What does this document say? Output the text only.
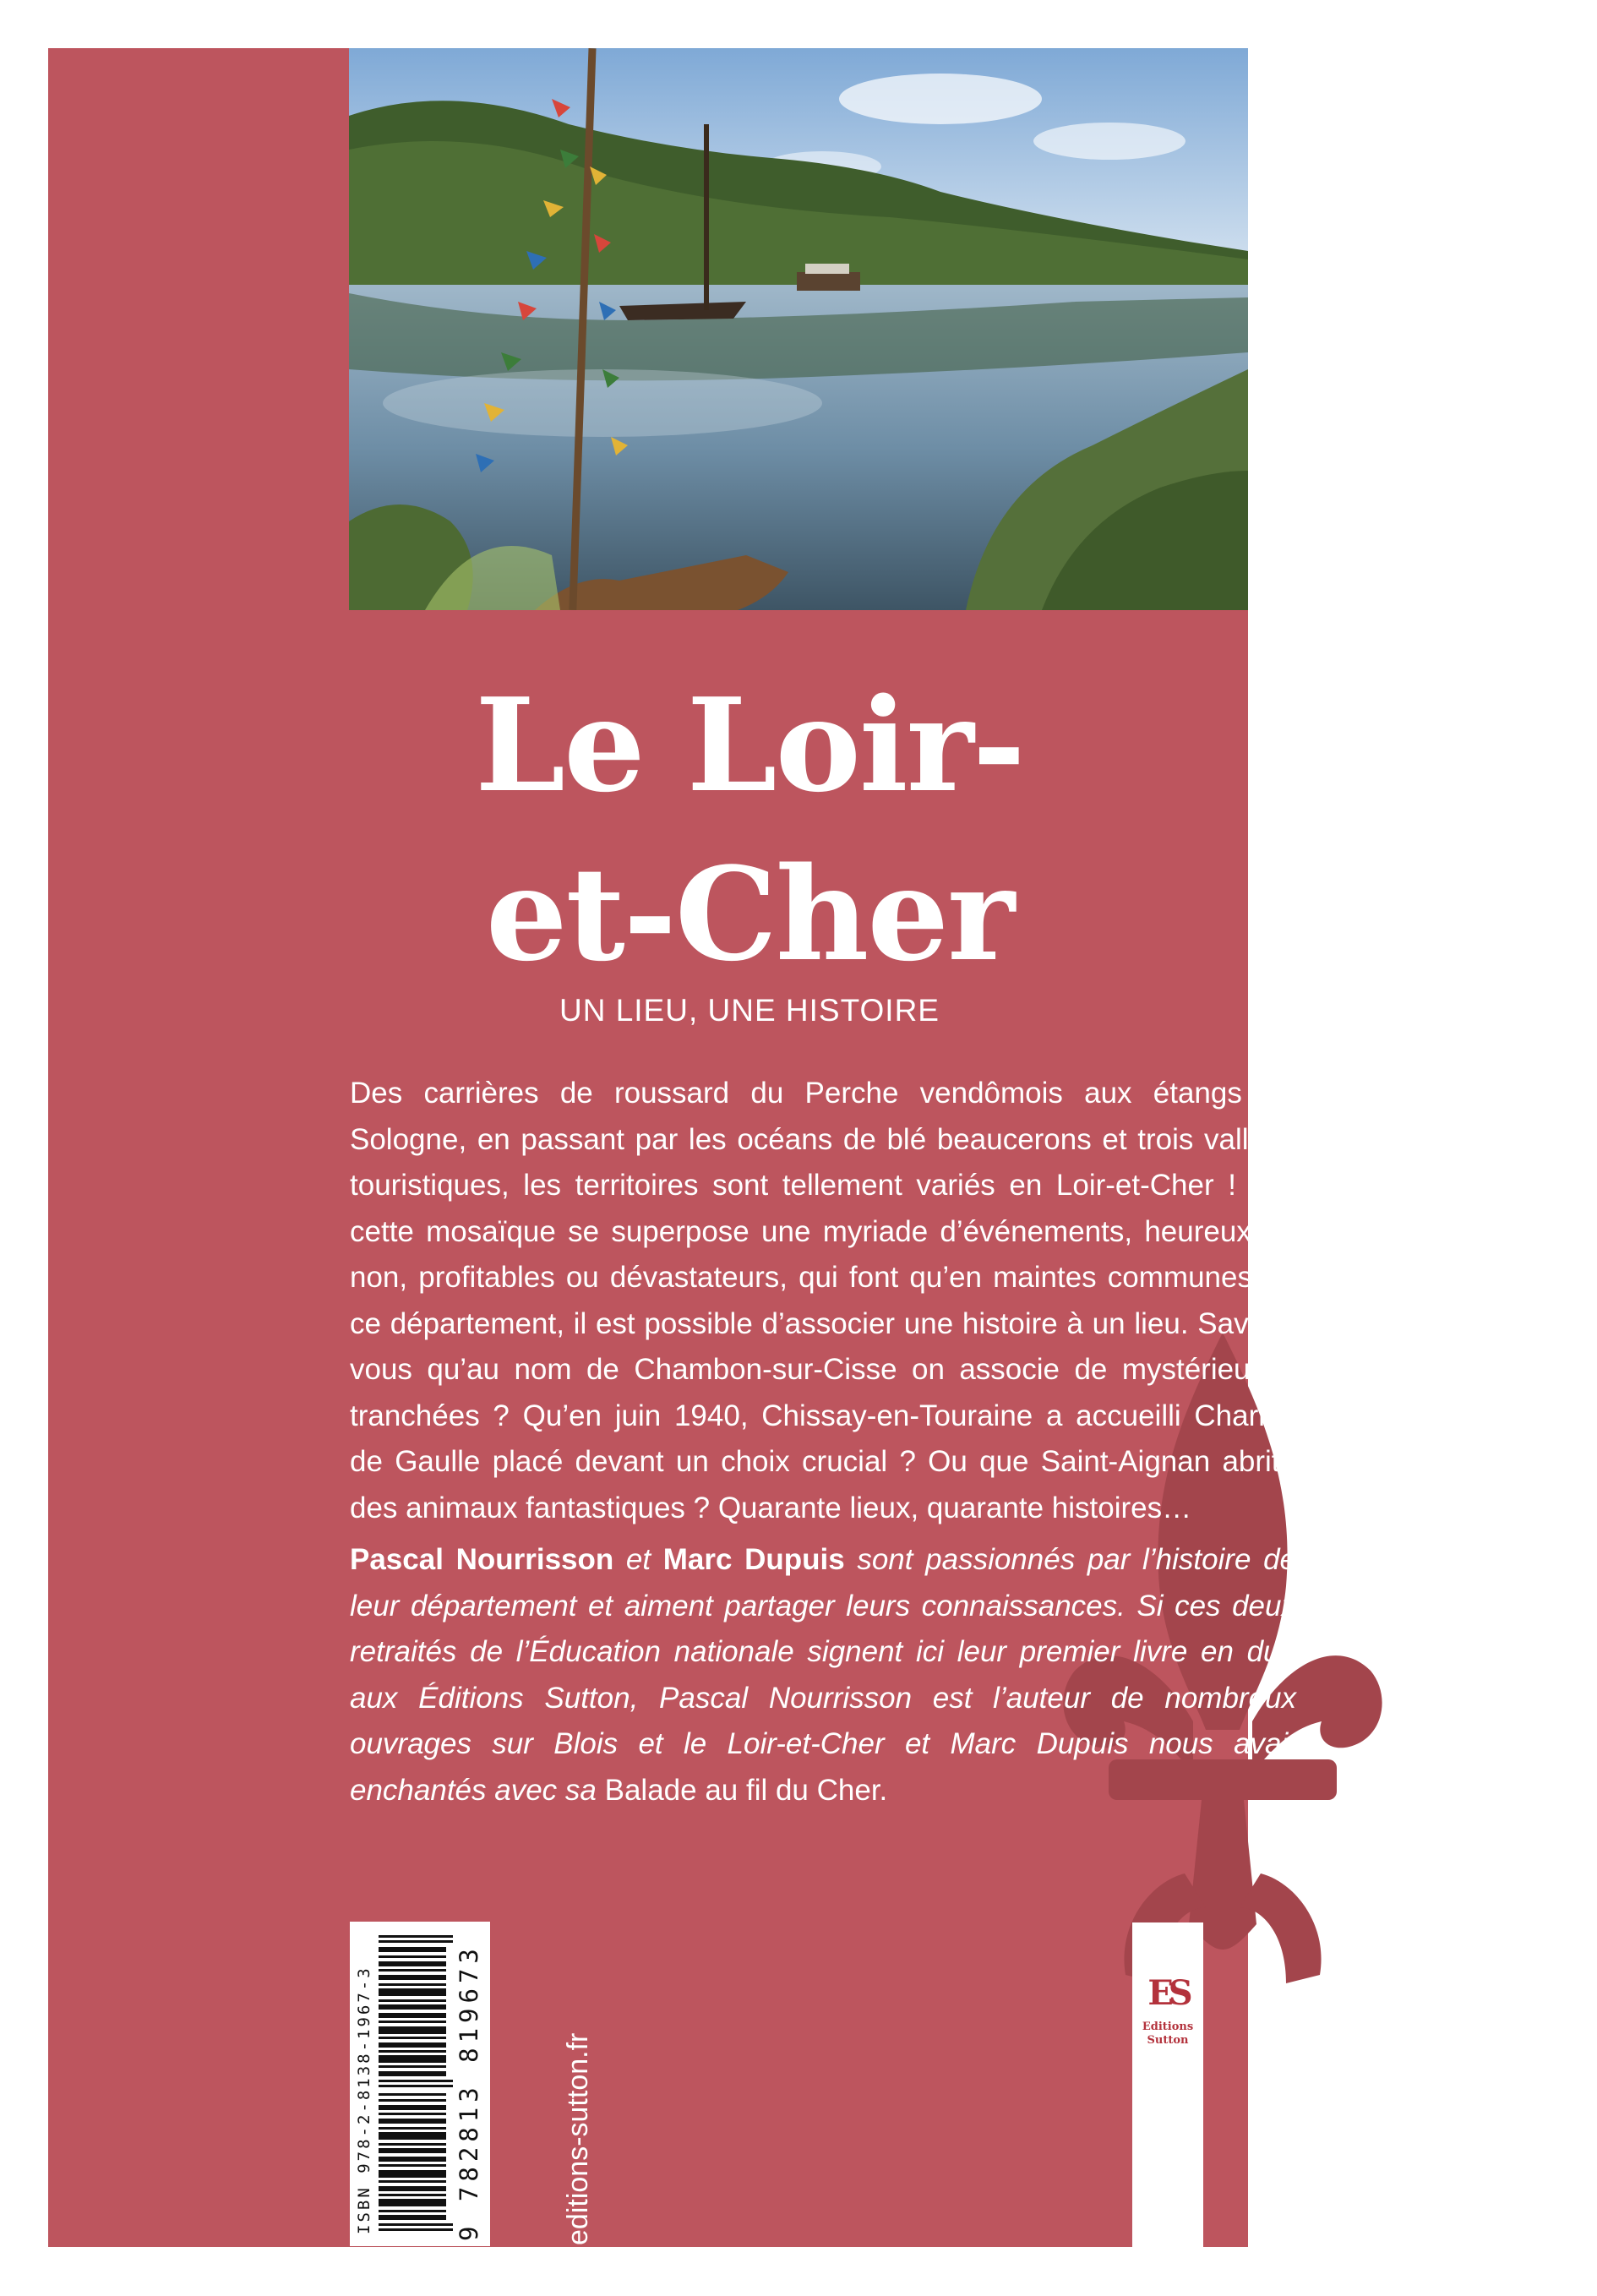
Le Loir-
et-Cher
UN LIEU, UNE HISTOIRE

Des carrières de roussard du Perche vendômois aux étangs de Sologne, en passant par les océans de blé beaucerons et trois vallées touristiques, les territoires sont tellement variés en Loir-et-Cher ! Sur cette mosaïque se superpose une myriade d’événements, heureux ou non, profitables ou dévastateurs, qui font qu’en maintes communes de ce département, il est possible d’associer une histoire à un lieu. Saviez-vous qu’au nom de Chambon-sur-Cisse on associe de mystérieuses tranchées ? Qu’en juin 1940, Chissay-en-Touraine a accueilli Charles de Gaulle placé devant un choix crucial ? Ou que Saint-Aignan abrite des animaux fantastiques ? Quarante lieux, quarante histoires…

Pascal Nourrisson et Marc Dupuis sont passionnés par l’histoire de leur département et aiment partager leurs connaissances. Si ces deux retraités de l’Éducation nationale signent ici leur premier livre en duo aux Éditions Sutton, Pascal Nourrisson est l’auteur de nombreux ouvrages sur Blois et le Loir-et-Cher et Marc Dupuis nous avait enchantés avec sa Balade au fil du Cher.

ISBN 978-2-8138-1967-3	9 782813 819673	editions-sutton.fr
ES
Editions
Sutton
